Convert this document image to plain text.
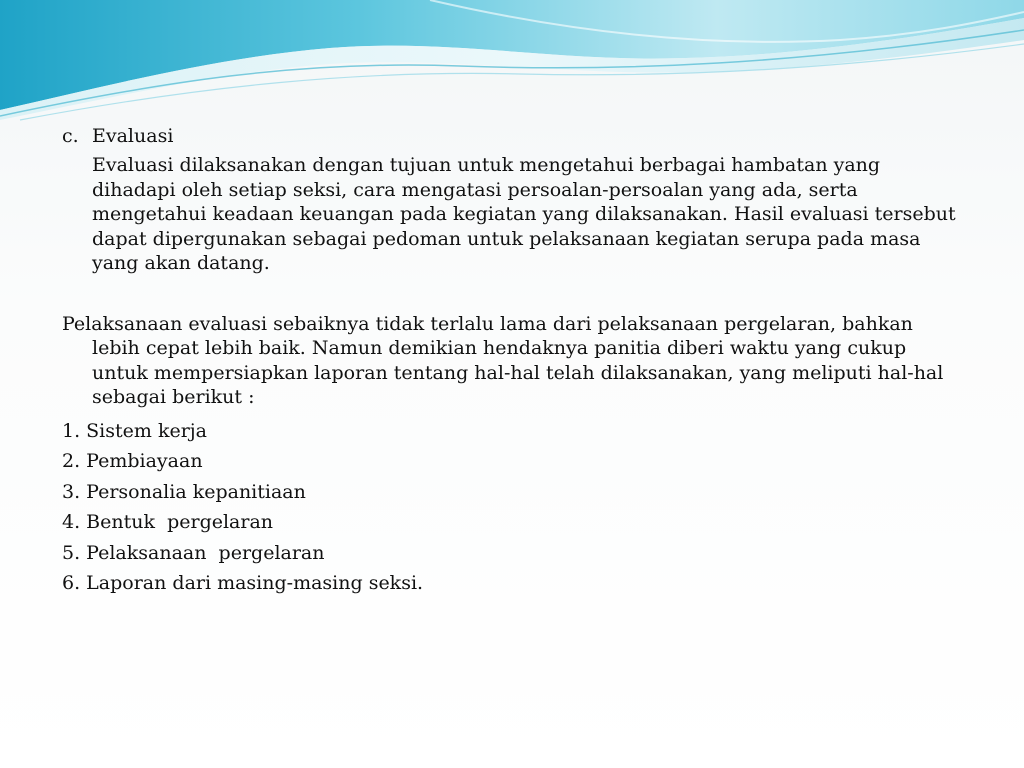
c. Evaluasi

Evaluasi dilaksanakan dengan tujuan untuk mengetahui berbagai hambatan yang dihadapi oleh setiap seksi, cara mengatasi persoalan-persoalan yang ada, serta mengetahui keadaan keuangan pada kegiatan yang dilaksanakan. Hasil evaluasi tersebut dapat dipergunakan sebagai pedoman untuk pelaksanaan kegiatan serupa pada masa yang akan datang.

Pelaksanaan evaluasi sebaiknya tidak terlalu lama dari pelaksanaan pergelaran, bahkan lebih cepat lebih baik. Namun demikian hendaknya panitia diberi waktu yang cukup untuk mempersiapkan laporan tentang hal-hal telah dilaksanakan, yang meliputi hal-hal sebagai berikut :

1. Sistem kerja
2. Pembiayaan
3. Personalia kepanitiaan
4. Bentuk  pergelaran
5. Pelaksanaan  pergelaran
6. Laporan dari masing-masing seksi.
